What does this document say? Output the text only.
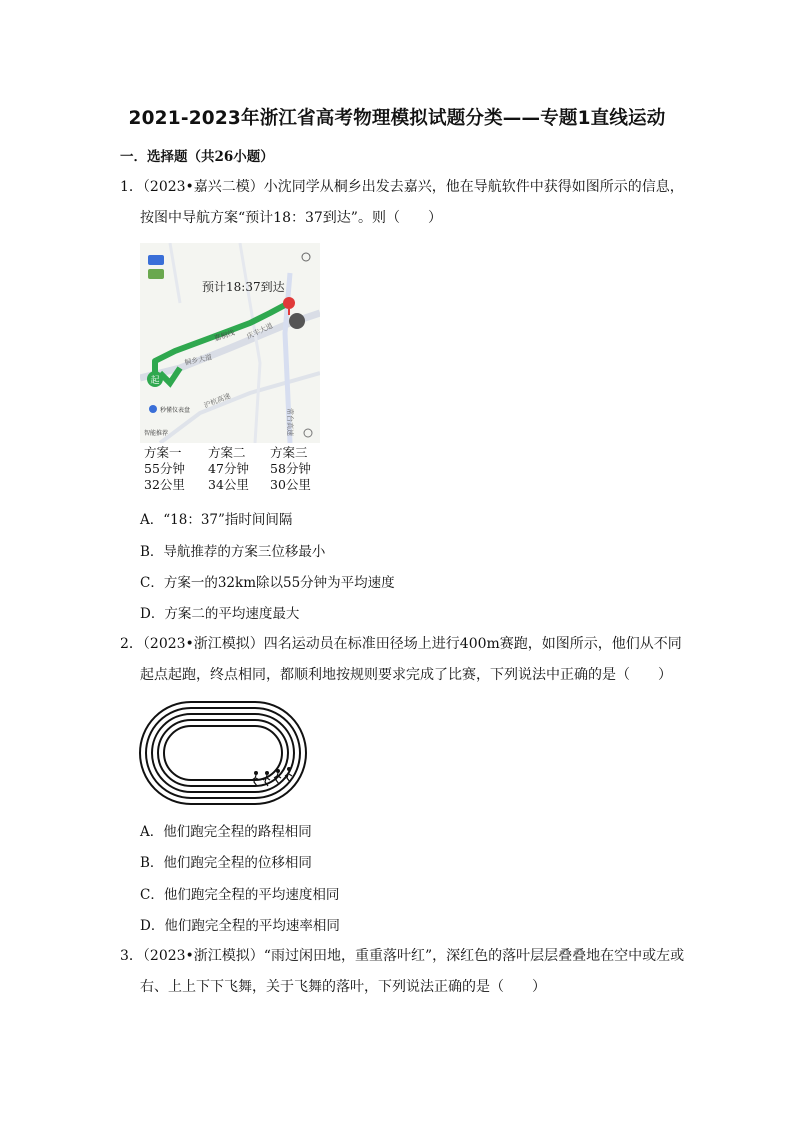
2021-2023年浙江省高考物理模拟试题分类——专题1直线运动
一．选择题（共26小题）
1．（2023•嘉兴二模）小沈同学从桐乡出发去嘉兴，他在导航软件中获得如图所示的信息，
按图中导航方案“预计18：37到达”。则（　　）
起
预计18:37到达
嘉桐线
桐乡大道
沪杭高速
庆丰大道
常台高速
秒懂仪表盘
智能推荐
方案一
55分钟
32公里
方案二
47分钟
34公里
方案三
58分钟
30公里
A．“18：37”指时间间隔
B．导航推荐的方案三位移最小
C．方案一的32km除以55分钟为平均速度
D．方案二的平均速度最大
2．（2023•浙江模拟）四名运动员在标准田径场上进行400m赛跑，如图所示，他们从不同
起点起跑，终点相同，都顺利地按规则要求完成了比赛，下列说法中正确的是（　　）
A．他们跑完全程的路程相同
B．他们跑完全程的位移相同
C．他们跑完全程的平均速度相同
D．他们跑完全程的平均速率相同
3．（2023•浙江模拟）“雨过闲田地，重重落叶红”，深红色的落叶层层叠叠地在空中或左或
右、上上下下飞舞，关于飞舞的落叶，下列说法正确的是（　　）
